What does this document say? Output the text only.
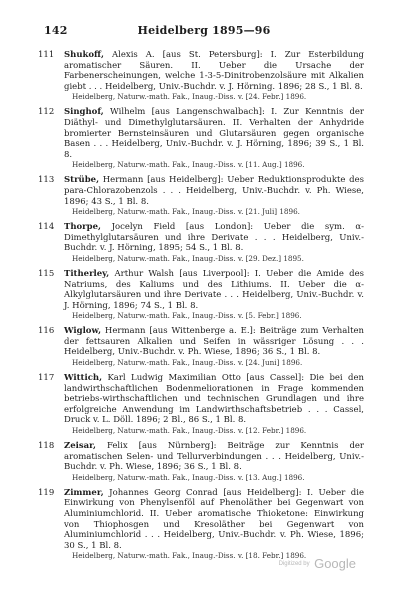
142	Heidelberg 1895—96
111	Shukoff, Alexis A. [aus St. Petersburg]: I. Zur Esterbildung aromatischer Säuren. II. Ueber die Ursache der Farbenerscheinungen, welche 1-3-5-Dinitrobenzolsäure mit Alkalien giebt . . . Heidelberg, Univ.-Buchdr. v. J. Hörning. 1896; 28 S., 1 Bl. 8.
Heidelberg, Naturw.-math. Fak., Inaug.-Diss. v. [24. Febr.] 1896.
112	Singhof, Wilhelm [aus Langenschwalbach]: I. Zur Kenntnis der Diäthyl- und Dimethylglutarsäuren. II. Verhalten der Anhydride bromierter Bernsteinsäuren und Glutarsäuren gegen organische Basen . . . Heidelberg, Univ.-Buchdr. v. J. Hörning, 1896; 39 S., 1 Bl. 8.
Heidelberg, Naturw.-math. Fak., Inaug.-Diss. v. [11. Aug.] 1896.
113	Strübe, Hermann [aus Heidelberg]: Ueber Reduktionsprodukte des para-Chlorazobenzols . . . Heidelberg, Univ.-Buchdr. v. Ph. Wiese, 1896; 43 S., 1 Bl. 8.
Heidelberg, Naturw.-math. Fak., Inaug.-Diss. v. [21. Juli] 1896.
114	Thorpe, Jocelyn Field [aus London]: Ueber die sym. α-Dimethylglutarsäuren und ihre Derivate . . . Heidelberg, Univ.-Buchdr. v. J. Hörning, 1895; 54 S., 1 Bl. 8.
Heidelberg, Naturw.-math. Fak., Inaug.-Diss. v. [29. Dez.] 1895.
115	Titherley, Arthur Walsh [aus Liverpool]: I. Ueber die Amide des Natriums, des Kaliums und des Lithiums. II. Ueber die α-Alkylglutarsäuren und ihre Derivate . . . Heidelberg, Univ.-Buchdr. v. J. Hörning, 1896; 74 S., 1 Bl. 8.
Heidelberg, Naturw.-math. Fak., Inaug.-Diss. v. [5. Febr.] 1896.
116	Wiglow, Hermann [aus Wittenberge a. E.]: Beiträge zum Verhalten der fettsauren Alkalien und Seifen in wässriger Lösung . . . Heidelberg, Univ.-Buchdr. v. Ph. Wiese, 1896; 36 S., 1 Bl. 8.
Heidelberg, Naturw.-math. Fak., Inaug.-Diss. v. [24. Juni] 1896.
117	Wittich, Karl Ludwig Maximilian Otto [aus Cassel]: Die bei den landwirthschaftlichen Bodenmeliorationen in Frage kommenden betriebs-wirthschaftlichen und technischen Grundlagen und ihre erfolgreiche Anwendung im Landwirthschaftsbetrieb . . . Cassel, Druck v. L. Döll. 1896; 2 Bl., 86 S., 1 Bl. 8.
Heidelberg, Naturw.-math. Fak., Inaug.-Diss. v. [12. Febr.] 1896.
118	Zeisar, Felix [aus Nürnberg]: Beiträge zur Kenntnis der aromatischen Selen- und Tellurverbindungen . . . Heidelberg, Univ.-Buchdr. v. Ph. Wiese, 1896; 36 S., 1 Bl. 8.
Heidelberg, Naturw.-math. Fak., Inaug.-Diss. v. [13. Aug.] 1896.
119	Zimmer, Johannes Georg Conrad [aus Heidelberg]: I. Ueber die Einwirkung von Phenylsenföl auf Phenoläther bei Gegenwart von Aluminiumchlorid. II. Ueber aromatische Thioketone: Einwirkung von Thiophosgen und Kresoläther bei Gegenwart von Aluminiumchlorid . . . Heidelberg, Univ.-Buchdr. v. Ph. Wiese, 1896; 30 S., 1 Bl. 8.
Heidelberg, Naturw.-math. Fak., Inaug.-Diss. v. [18. Febr.] 1896.
Digitized by Google
